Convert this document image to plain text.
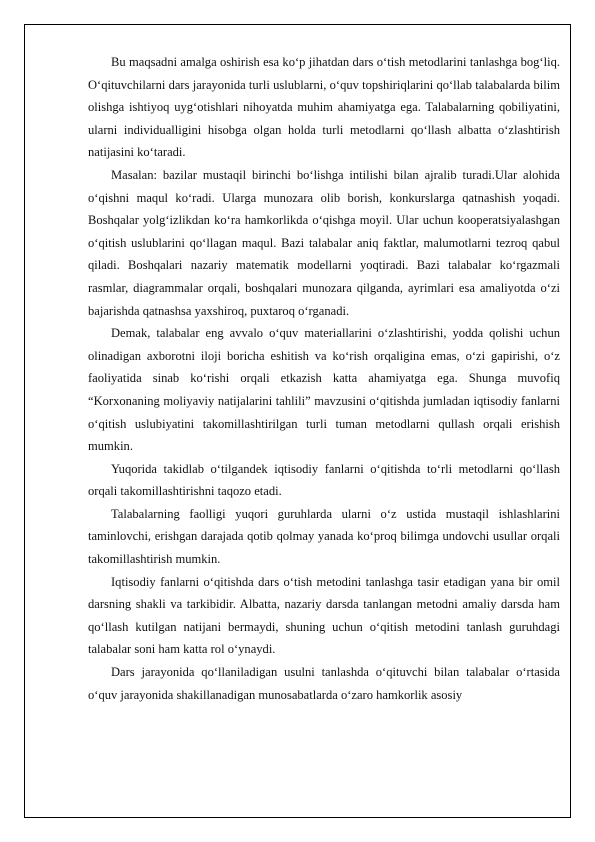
Bu maqsadni amalga oshirish esa ko‘p jihatdan dars o‘tish metodlarini tanlashga bog‘liq. O‘qituvchilarni dars jarayonida turli uslublarni, o‘quv topshiriqlarini qo‘llab talabalarda bilim olishga ishtiyoq uyg‘otishlari nihoyatda muhim ahamiyatga ega. Talabalarning qobiliyatini, ularni individualligini hisobga olgan holda turli metodlarni qo‘llash albatta o‘zlashtirish natijasini ko‘taradi.

Masalan: bazilar mustaqil birinchi bo‘lishga intilishi bilan ajralib turadi.Ular alohida o‘qishni maqul ko‘radi. Ularga munozara olib borish, konkurslarga qatnashish yoqadi. Boshqalar yolg‘izlikdan ko‘ra hamkorlikda o‘qishga moyil. Ular uchun kooperatsiyalashgan o‘qitish uslublarini qo‘llagan maqul. Bazi talabalar aniq faktlar, malumotlarni tezroq qabul qiladi. Boshqalari nazariy matematik modellarni yoqtiradi. Bazi talabalar ko‘rgazmali rasmlar, diagrammalar orqali, boshqalari munozara qilganda, ayrimlari esa amaliyotda o‘zi bajarishda qatnashsa yaxshiroq, puxtaroq o‘rganadi.

Demak, talabalar eng avvalo o‘quv materiallarini o‘zlashtirishi, yodda qolishi uchun olinadigan axborotni iloji boricha eshitish va ko‘rish orqaligina emas, o‘zi gapirishi, o‘z faoliyatida sinab ko‘rishi orqali etkazish katta ahamiyatga ega. Shunga muvofiq “Korxonaning moliyaviy natijalarini tahlili” mavzusini o‘qitishda jumladan iqtisodiy fanlarni o‘qitish uslubiyatini takomillashtirilgan turli tuman metodlarni qullash orqali erishish mumkin.

Yuqorida takidlab o‘tilgandek iqtisodiy fanlarni o‘qitishda to‘rli metodlarni qo‘llash orqali takomillashtirishni taqozo etadi.

Talabalarning faolligi yuqori guruhlarda ularni o‘z ustida mustaqil ishlashlarini taminlovchi, erishgan darajada qotib qolmay yanada ko‘proq bilimga undovchi usullar orqali takomillashtirish mumkin.

Iqtisodiy fanlarni o‘qitishda dars o‘tish metodini tanlashga tasir etadigan yana bir omil darsning shakli va tarkibidir. Albatta, nazariy darsda tanlangan metodni amaliy darsda ham qo‘llash kutilgan natijani bermaydi, shuning uchun o‘qitish metodini tanlash guruhdagi talabalar soni ham katta rol o‘ynaydi.

Dars jarayonida qo‘llaniladigan usulni tanlashda o‘qituvchi bilan talabalar o‘rtasida o‘quv jarayonida shakillanadigan munosabatlarda o‘zaro hamkorlik asosiy
